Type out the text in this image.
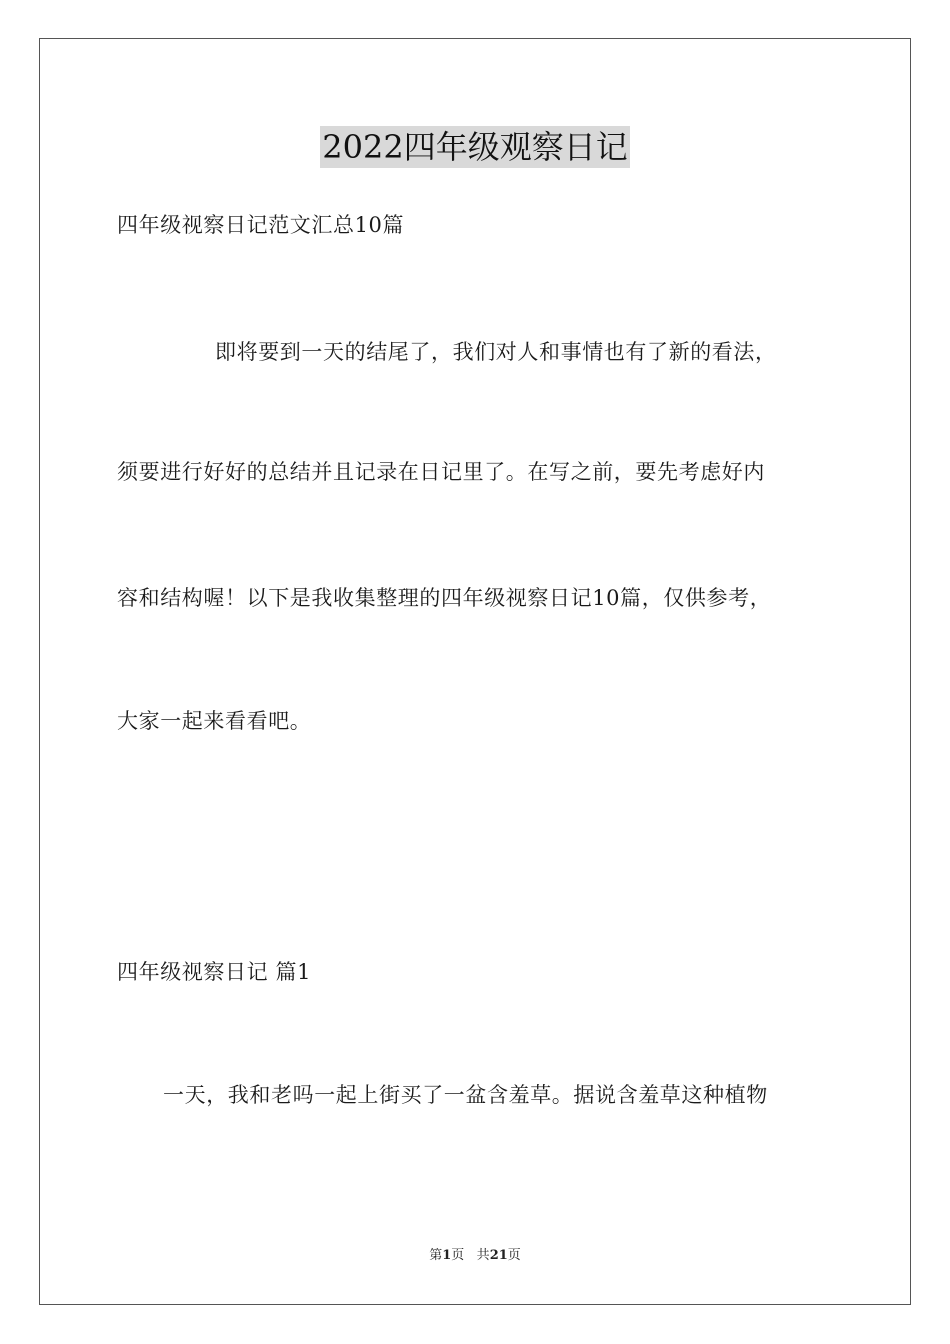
2022四年级观察日记

四年级视察日记范文汇总10篇

即将要到一天的结尾了，我们对人和事情也有了新的看法，

须要进行好好的总结并且记录在日记里了。在写之前，要先考虑好内

容和结构喔！以下是我收集整理的四年级视察日记10篇，仅供参考，

大家一起来看看吧。

四年级视察日记 篇1

一天，我和老吗一起上街买了一盆含羞草。据说含羞草这种植物

第1页 共21页
